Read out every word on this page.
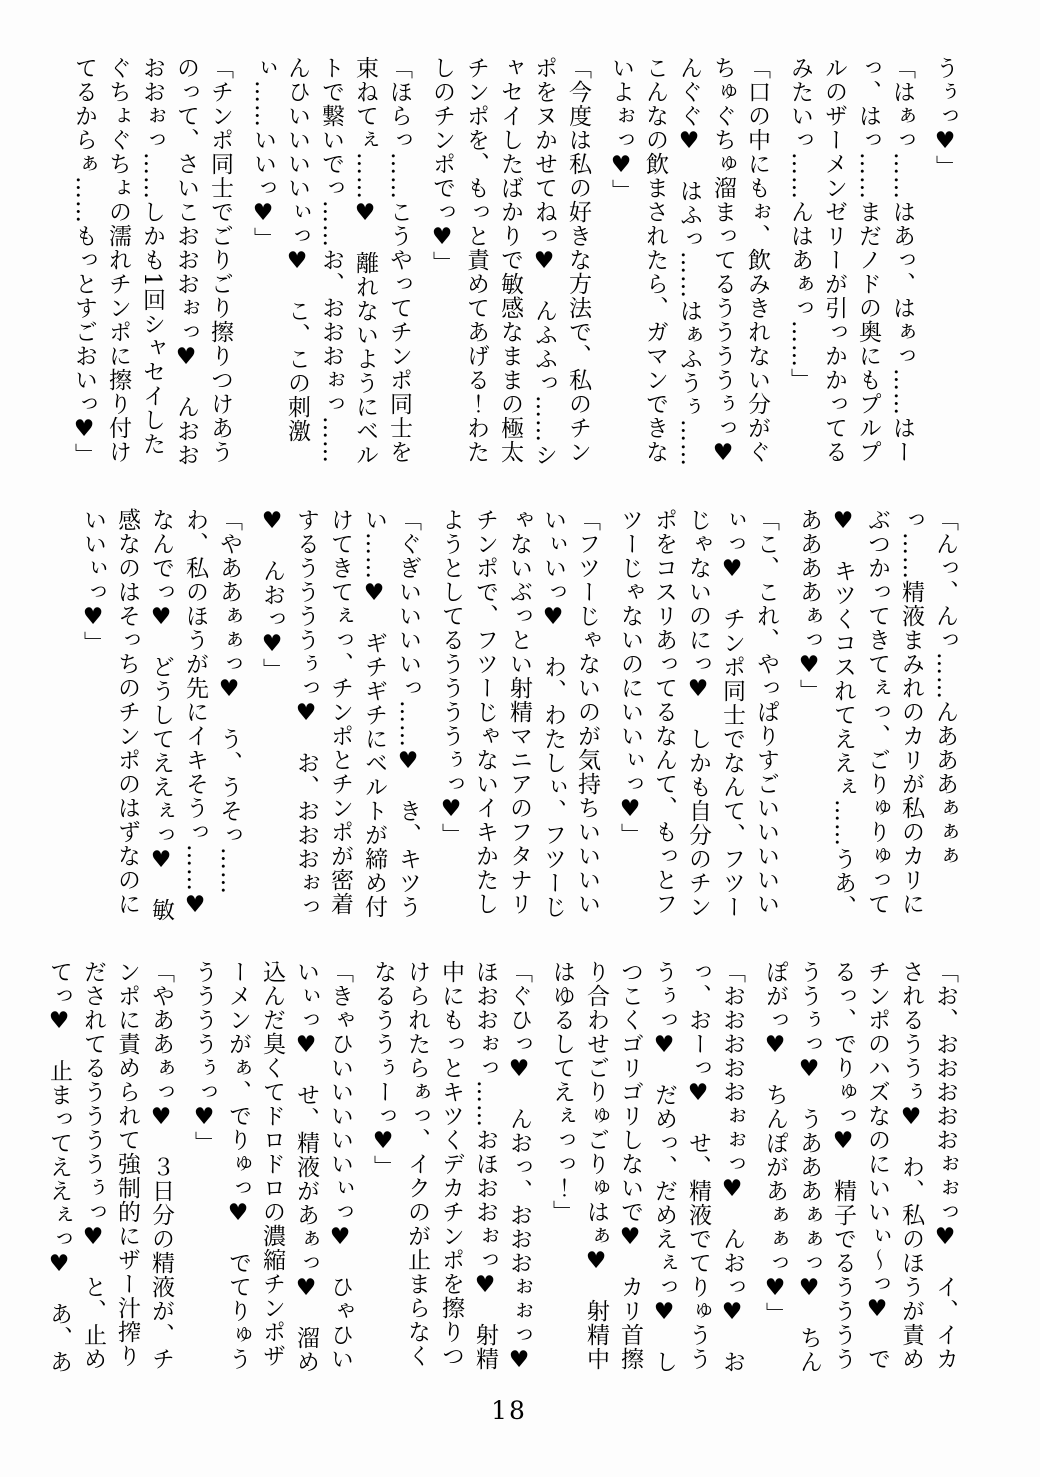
うぅっ♥」

「はぁっ……はあっ、はぁっ……はーっ、はっ……まだノドの奥にもプルプルのザーメンゼリーが引っかかってるみたいっ……んはあぁっ……」

「口の中にもぉ、飲みきれない分がぐちゅぐちゅ溜まってるううううぅっ♥　んぐぐ♥　はふっ……はぁふうぅ……こんなの飲まされたら、ガマンできないよぉっ♥」

「今度は私の好きな方法で、私のチンポをヌかせてねっ♥　んふふっ……シャセイしたばかりで敏感なままの極太チンポを、もっと責めてあげる！わたしのチンポでっ♥」

「ほらっ……こうやってチンポ同士を束ねてぇ……♥　離れないようにベルトで繋いでっ……お、おおおぉっ……んひいいいいぃっ♥　こ、この刺激ぃ……いいっ♥」

「チンポ同士でごりごり擦りつけあうのって、さいこおおおぉっ♥　んおおおおぉっ……しかも1回シャセイしたぐちょぐちょの濡れチンポに擦り付けてるからぁ……もっとすごおいっ♥」

「んっ、んっ……んあああぁぁぁっ……精液まみれのカリが私のカリにぶつかってきてぇっ、ごりゅりゅって♥　キツくコスれてええぇ……うあ、ああああぁっ♥」

「こ、これ、やっぱりすごいいいいいぃっ♥　チンポ同士でなんて、フツーじゃないのにっ♥　しかも自分のチンポをコスリあってるなんて、もっとフツーじゃないのにいいぃっ♥」

「フツーじゃないのが気持ちいいいいいぃいっ♥　わ、わたしぃ、フツーじゃないぶっとい射精マニアのフタナリチンポで、フツーじゃないイキかたしようとしてるううううぅっ♥」

「ぐぎいいいいっ……♥　き、キツうい……♥　ギチギチにベルトが締め付けてきてぇっ、チンポとチンポが密着するううううぅっ♥　お、おおおぉっ♥　んおっ♥」

「やああぁぁっ♥　う、うそっ……わ、私のほうが先にイキそうっ……♥　なんでっ♥　どうしてええぇっ♥　敏感なのはそっちのチンポのはずなのにいいぃっ♥」

「お、おおおおおぉぉっ♥　イ、イカされるううぅ♥　わ、私のほうが責めチンポのハズなのにいいぃ～っ♥　でるっ、でりゅっ♥　精子でるううううううぅっ♥　うあああぁぁっ♥　ちんぽがっ♥　ちんぽがあぁぁっ♥」

「おおおおおぉぉっ♥　んおっ♥　おっ、おーっ♥　せ、精液でてりゅうううぅっ♥　だめっ、だめえぇっ♥　しつこくゴリゴリしないで♥　カリ首擦り合わせごりゅごりゅはぁ♥　射精中はゆるしてえぇっっ！」

「ぐひっ♥　んおっ、おおおぉぉっ♥　ほおおぉっ……おほおおぉっ♥　射精中にもっとキツくデカチンポを擦りつけられたらぁっ、イクのが止まらなくなるううぅーっ♥」

「きゃひいいいいいぃっ♥　ひゃひいいぃっ♥　せ、精液があぁっ♥　溜め込んだ臭くてドロドロの濃縮チンポザーメンがぁ、でりゅっ♥　でてりゅうううううぅっ♥」

「やああぁっ♥　３日分の精液が、チンポに責められて強制的にザー汁搾りだされてるううううぅっ♥　と、止めてっ♥　止まってええぇっ♥　あ、あ

18
